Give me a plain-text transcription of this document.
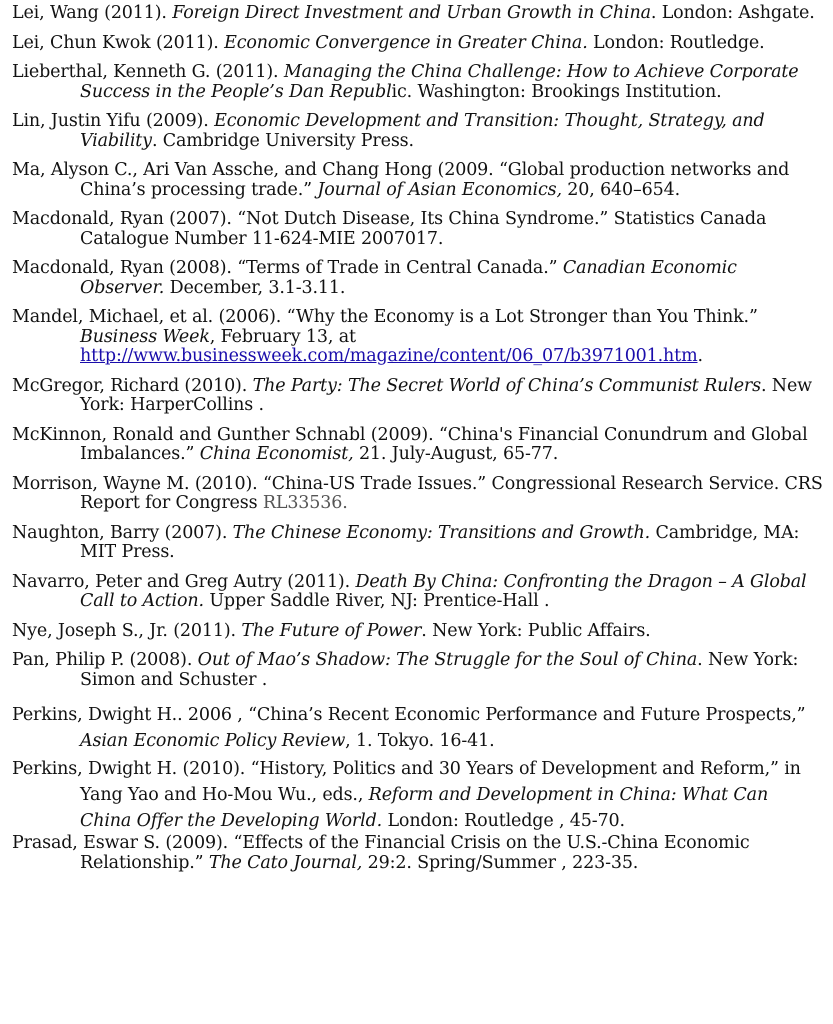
Lei, Wang (2011). Foreign Direct Investment and Urban Growth in China. London: Ashgate.

Lei, Chun Kwok (2011). Economic Convergence in Greater China. London: Routledge.

Lieberthal, Kenneth G. (2011). Managing the China Challenge: How to Achieve Corporate Success in the People’s Dan Republic. Washington: Brookings Institution.

Lin, Justin Yifu (2009). Economic Development and Transition: Thought, Strategy, and Viability. Cambridge University Press.

Ma, Alyson C., Ari Van Assche, and Chang Hong (2009. “Global production networks and China’s processing trade.” Journal of Asian Economics, 20, 640–654.

Macdonald, Ryan (2007). “Not Dutch Disease, Its China Syndrome.” Statistics Canada Catalogue Number 11-624-MIE 2007017.

Macdonald, Ryan (2008). “Terms of Trade in Central Canada.” Canadian Economic Observer. December, 3.1-3.11.

Mandel, Michael, et al. (2006). “Why the Economy is a Lot Stronger than You Think.” Business Week, February 13, at http://www.businessweek.com/magazine/content/06_07/b3971001.htm.

McGregor, Richard (2010). The Party: The Secret World of China’s Communist Rulers. New York: HarperCollins .

McKinnon, Ronald and Gunther Schnabl (2009). “China's Financial Conundrum and Global Imbalances.” China Economist, 21. July-August, 65-77.

Morrison, Wayne M. (2010). “China-US Trade Issues.” Congressional Research Service. CRS Report for Congress RL33536.

Naughton, Barry (2007). The Chinese Economy: Transitions and Growth. Cambridge, MA: MIT Press.

Navarro, Peter and Greg Autry (2011). Death By China: Confronting the Dragon – A Global Call to Action. Upper Saddle River, NJ: Prentice-Hall .

Nye, Joseph S., Jr. (2011). The Future of Power. New York: Public Affairs.

Pan, Philip P. (2008). Out of Mao’s Shadow: The Struggle for the Soul of China. New York: Simon and Schuster .

Perkins, Dwight H.. 2006 , “China’s Recent Economic Performance and Future Prospects,” Asian Economic Policy Review, 1. Tokyo. 16-41.

Perkins, Dwight H. (2010). “History, Politics and 30 Years of Development and Reform,” in Yang Yao and Ho-Mou Wu., eds., Reform and Development in China: What Can China Offer the Developing World. London: Routledge , 45-70.

Prasad, Eswar S. (2009). “Effects of the Financial Crisis on the U.S.-China Economic Relationship.” The Cato Journal, 29:2. Spring/Summer , 223-35.
